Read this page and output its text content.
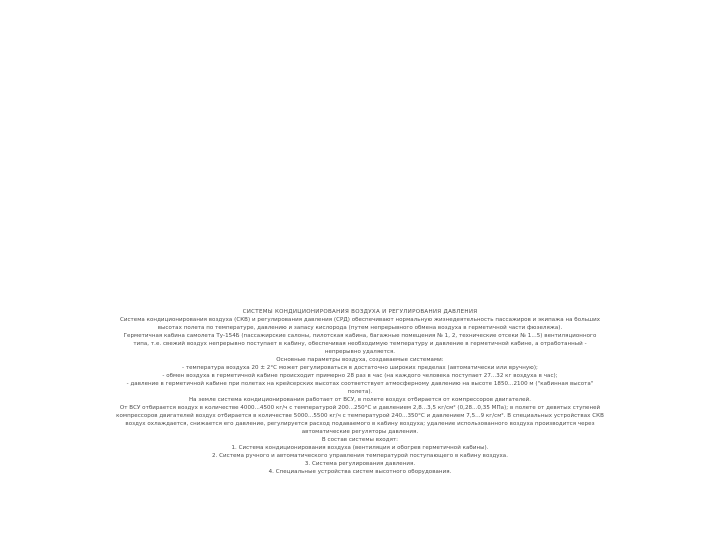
СИСТЕМЫ КОНДИЦИОНИРОВАНИЯ ВОЗДУХА И РЕГУЛИРОВАНИЯ ДАВЛЕНИЯ

Система кондиционирования воздуха (СКВ) и регулирования давления (СРД) обеспечивают нормальную жизнедеятельность пассажиров и экипажа на больших высотах полета по температуре, давлению и запасу кислорода (путем непрерывного обмена воздуха в герметичной части фюзеляжа).

Герметичная кабина самолета Ту-154Б (пассажирские салоны, пилотская кабина, багажные помещения № 1, 2, технические отсеки № 1...5) вентиляционного типа, т.е. свежий воздух непрерывно поступает в кабину, обеспечивая необходимую температуру и давление в герметичной кабине, а отработанный - непрерывно удаляется.

Основные параметры воздуха, создаваемые системами:

- температура воздуха 20 ± 2°С может регулироваться в достаточно широких пределах (автоматически или вручную);

- обмен воздуха в герметичной кабине происходит примерно 28 раз в час (на каждого человека поступает 27...32 кг воздуха в час);

- давление в герметичной кабине при полетах на крейсерских высотах соответствует атмосферному давлению на высоте 1850...2100 м ("кабинная высота" полета).

На земле система кондиционирования работает от ВСУ, в полете воздух отбирается от компрессоров двигателей.

От ВСУ отбирается воздух в количестве 4000...4500 кг/ч с температурой 200...250°С и давлением 2,8...3,5 кг/см² (0,28...0,35 МПа); в полете от девятых ступеней компрессоров двигателей воздух отбирается в количестве 5000...5500 кг/ч с температурой 240...350°С и давлением 7,5...9 кг/см². В специальных устройствах СКВ воздух охлаждается, снижается его давление, регулируется расход подаваемого в кабину воздуха; удаление использованного воздуха производится через автоматические регуляторы давления.

В состав системы входят:

1. Система кондиционирования воздуха (вентиляция и обогрев герметичной кабины).

2. Система ручного и автоматического управления температурой поступающего в кабину воздуха.

3. Система регулирования давления.

4. Специальные устройства систем высотного оборудования.
